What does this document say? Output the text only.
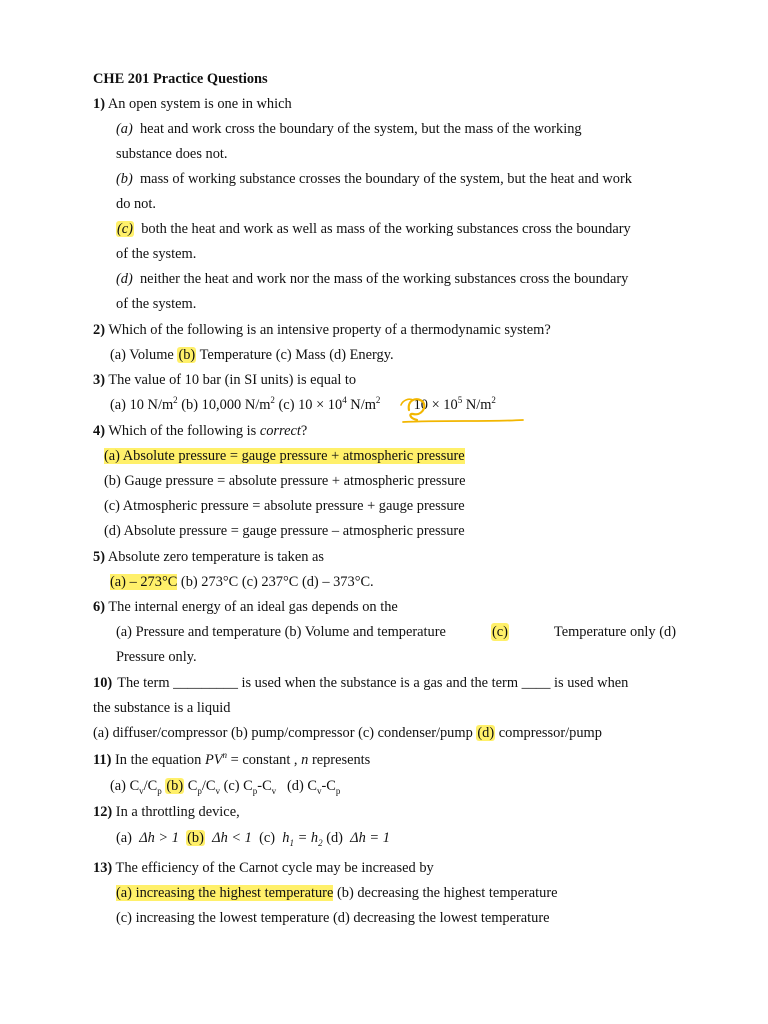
CHE 201 Practice Questions
1) An open system is one in which
(a) heat and work cross the boundary of the system, but the mass of the working
substance does not.
(b) mass of working substance crosses the boundary of the system, but the heat and work
do not.
(c) both the heat and work as well as mass of the working substances cross the boundary
of the system.
(d) neither the heat and work nor the mass of the working substances cross the boundary
of the system.
2) Which of the following is an intensive property of a thermodynamic system?
(a) Volume (b) Temperature (c) Mass (d) Energy.
3) The value of 10 bar (in SI units) is equal to
(a) 10 $N/m^2$ (b) 10,000 $N/m^2$ (c) $10 \times 10^4$ $N/m^2$ $10 \times 10^5$ $N/m^2$
4) Which of the following is correct?
(a) Absolute pressure = gauge pressure + atmospheric pressure
(b) Gauge pressure = absolute pressure + atmospheric pressure
(c) Atmospheric pressure = absolute pressure + gauge pressure
(d) Absolute pressure = gauge pressure – atmospheric pressure
5) Absolute zero temperature is taken as
(a) – 273°C (b) 273°C (c) 237°C (d) – 373°C.
6) The internal energy of an ideal gas depends on the
(a) Pressure and temperature (b) Volume and temperature	(c)	Temperature only (d)
Pressure only.
10) The term _________ is used when the substance is a gas and the term ____ is used when
the substance is a liquid
(a) diffuser/compressor (b) pump/compressor (c) condenser/pump (d) compressor/pump
11) In the equation $PV^n$ = constant , n represents
(a) $C_v/C_p$ (b) $C_p/C_v$ (c) $C_p-C_v$ (d) $C_v-C_p$
12) In a throttling device,
(a) Δh > 1 (b) Δh < 1 (c) $h_1 = h_2$ (d) Δh = 1
13) The efficiency of the Carnot cycle may be increased by
(a) increasing the highest temperature (b) decreasing the highest temperature
(c) increasing the lowest temperature (d) decreasing the lowest temperature
